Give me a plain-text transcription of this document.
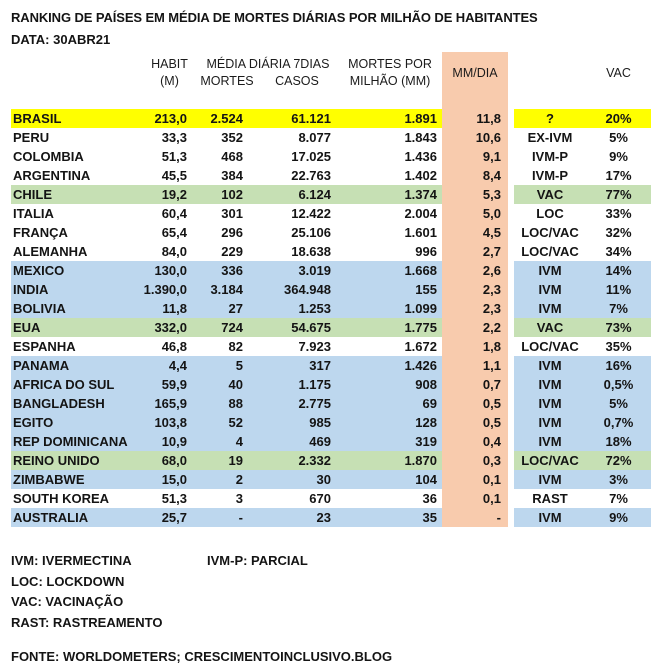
RANKING DE PAÍSES EM MÉDIA DE MORTES DIÁRIAS POR MILHÃO DE HABITANTES
DATA: 30ABR21
HABIT
(M)
MÉDIA DIÁRIA 7DIAS
MORTES	CASOS
MORTES POR
MILHÃO (MM)
MM/DIA	VAC
BRASIL	213,0	2.524	61.121	1.891	11,8	?	20%
PERU	33,3	352	8.077	1.843	10,6	EX-IVM	5%
COLOMBIA	51,3	468	17.025	1.436	9,1	IVM-P	9%
ARGENTINA	45,5	384	22.763	1.402	8,4	IVM-P	17%
CHILE	19,2	102	6.124	1.374	5,3	VAC	77%
ITALIA	60,4	301	12.422	2.004	5,0	LOC	33%
FRANÇA	65,4	296	25.106	1.601	4,5	LOC/VAC	32%
ALEMANHA	84,0	229	18.638	996	2,7	LOC/VAC	34%
MEXICO	130,0	336	3.019	1.668	2,6	IVM	14%
INDIA	1.390,0	3.184	364.948	155	2,3	IVM	11%
BOLIVIA	11,8	27	1.253	1.099	2,3	IVM	7%
EUA	332,0	724	54.675	1.775	2,2	VAC	73%
ESPANHA	46,8	82	7.923	1.672	1,8	LOC/VAC	35%
PANAMA	4,4	5	317	1.426	1,1	IVM	16%
AFRICA DO SUL	59,9	40	1.175	908	0,7	IVM	0,5%
BANGLADESH	165,9	88	2.775	69	0,5	IVM	5%
EGITO	103,8	52	985	128	0,5	IVM	0,7%
REP DOMINICANA	10,9	4	469	319	0,4	IVM	18%
REINO UNIDO	68,0	19	2.332	1.870	0,3	LOC/VAC	72%
ZIMBABWE	15,0	2	30	104	0,1	IVM	3%
SOUTH KOREA	51,3	3	670	36	0,1	RAST	7%
AUSTRALIA	25,7	-	23	35	-	IVM	9%
IVM: IVERMECTINA	IVM-P: PARCIAL
LOC: LOCKDOWN
VAC: VACINAÇÃO
RAST: RASTREAMENTO
FONTE: WORLDOMETERS; CRESCIMENTOINCLUSIVO.BLOG
